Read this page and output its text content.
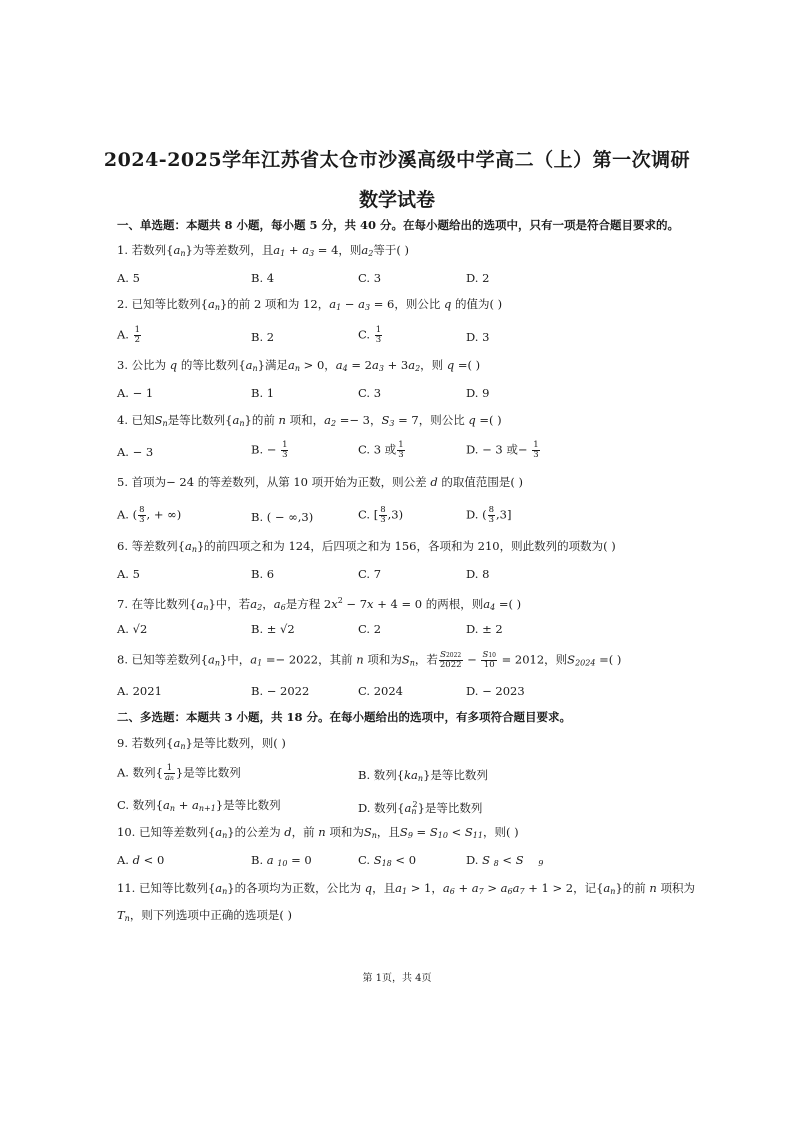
2024-2025学年江苏省太仓市沙溪高级中学高二（上）第一次调研
数学试卷
一、单选题：本题共 8 小题，每小题 5 分，共 40 分。在每小题给出的选项中，只有一项是符合题目要求的。
1. 若数列$\{a_n\}$为等差数列，且$a_1 + a_3 = 4$，则$a_2$等于( )
A. 5	B. 4	C. 3	D. 2
2. 已知等比数列$\{a_n\}$的前 2 项和为 12，$a_1 - a_3 = 6$，则公比 q 的值为( )
A. $\frac{1}{2}$	B. 2	C. $\frac{1}{3}$	D. 3
3. 公比为 q 的等比数列$\{a_n\}$满足$a_n > 0$，$a_4 = 2a_3 + 3a_2$，则 q =( )
A. − 1	B. 1	C. 3	D. 9
4. 已知$S_n$是等比数列$\{a_n\}$的前 n 项和，$a_2 =- 3$，$S_3 = 7$，则公比 q =( )
A. − 3	B. − $\frac{1}{3}$	C. 3 或 $\frac{1}{3}$	D. − 3 或− $\frac{1}{3}$
5. 首项为− 24 的等差数列，从第 10 项开始为正数，则公差 d 的取值范围是( )
A. ( $\frac{8}{3}$ , + ∞)	B. ( − ∞,3)	C. [ $\frac{8}{3} ,3$)	D. ( $\frac{8}{3} ,3$]
6. 等差数列$\{a_n\}$的前四项之和为 124，后四项之和为 156，各项和为 210，则此数列的项数为( )
A. 5	B. 6	C. 7	D. 8
7. 在等比数列$\{a_n\}$中，若$a_2$，$a_6$是方程 $2x^2 - 7x + 4 = 0$ 的两根，则$a_4$ =( )
A. √2	B. ± √2	C. 2	D. ± 2
8. 已知等差数列$\{a_n\}$中，$a_1 =- 2022$，其前 n 项和为$S_n$，若 $\frac{S2022}{2022} - \frac{S10}{10} = 2012$，则$S_{2024}$ =( )
A. 2021	B. − 2022	C. 2024	D. − 2023
二、多选题：本题共 3 小题，共 18 分。在每小题给出的选项中，有多项符合题目要求。
9. 若数列$\{a_n\}$是等比数列，则( )
A. 数列{ $\frac{1}{an}$ }是等比数列	B. 数列$\{ka_n\}$是等比数列
C. 数列$\{a_n + a_{n+1}\}$是等比数列	D. 数列$\{a_n^2\}$是等比数列
10. 已知等差数列$\{a_n\}$的公差为 d，前 n 项和为$S_n$，且$S_9 = S_{10} < S_{11}$，则( )
A. d < 0	B. a $_{10}$ = 0	C. $S_{18} < 0$	D. S $_8$ < S $_9$
11. 已知等比数列$\{a_n\}$的各项均为正数，公比为 q，且$a_1 > 1$，$a_6 + a_7 > a_6a_7 + 1 > 2$，记$\{a_n\}$的前 n 项积为
$T_n$，则下列选项中正确的选项是( )
第 1页，共 4页
